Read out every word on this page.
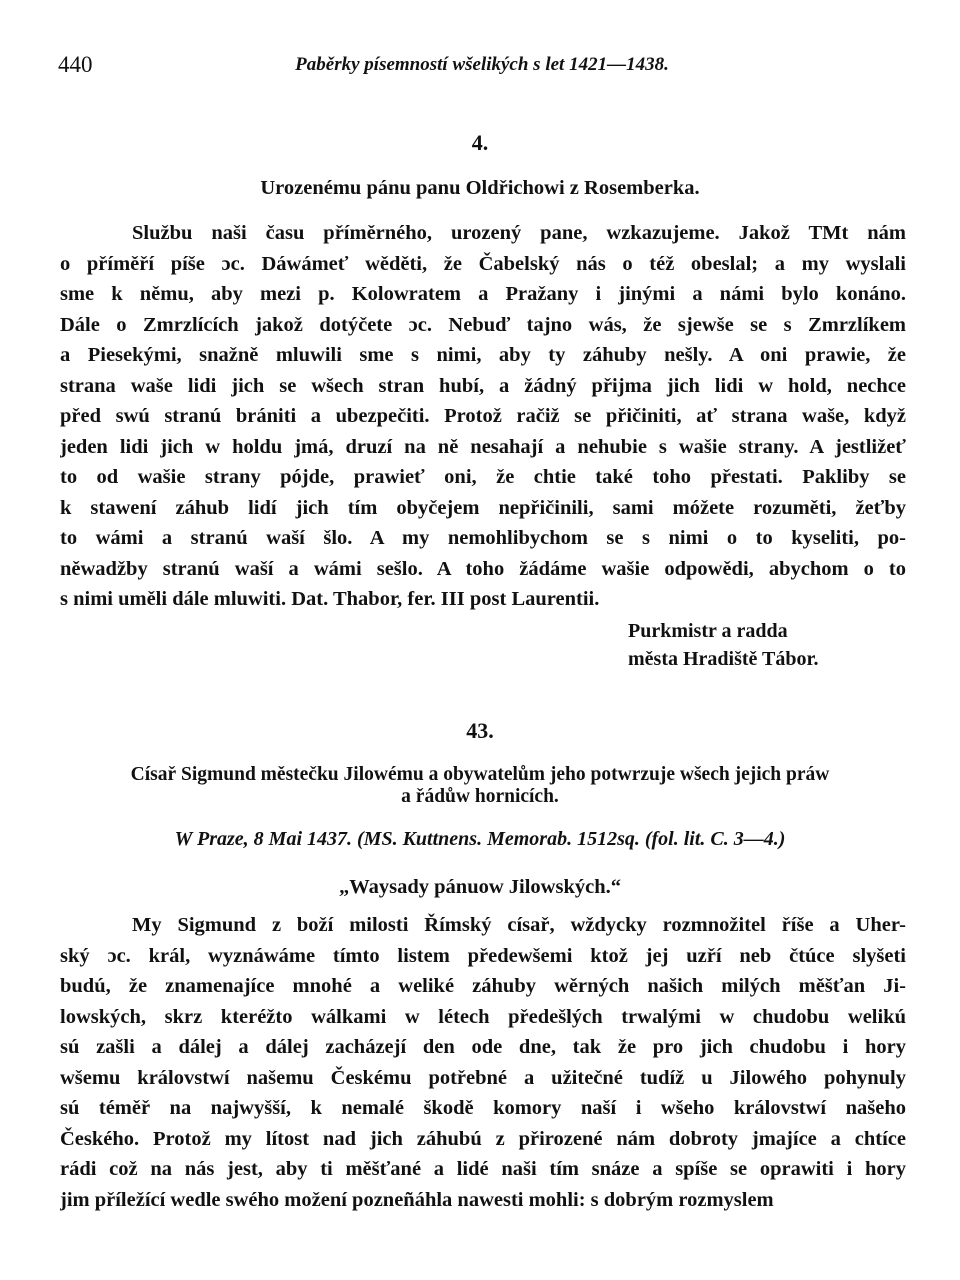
440	Paběrky písemností wšelikých s let 1421—1438.
4.
Urozenému pánu panu Oldřichowi z Rosemberka.
Službu naši času příměrného, urozený pane, wzkazujeme. Jakož TMt nám
o příměří píše ɔc. Dáwámeť wěděti, že Čabelský nás o též obeslal; a my wyslali
sme k němu, aby mezi p. Kolowratem a Pražany i jinými a námi bylo konáno.
Dále o Zmrzlících jakož dotýčete ɔc. Nebuď tajno wás, že sjewše se s Zmrzlíkem
a Piesekými, snažně mluwili sme s nimi, aby ty záhuby nešly. A oni prawie, že
strana waše lidi jich se wšech stran hubí, a žádný přijma jich lidi w hold, nechce
před swú stranú brániti a ubezpečiti. Protož račiž se přičiniti, ať strana waše, když
jeden lidi jich w holdu jmá, druzí na ně nesahají a nehubie s wašie strany. A jestližeť
to od wašie strany pójde, prawieť oni, že chtie také toho přestati. Pakliby se
k stawení záhub lidí jich tím obyčejem nepřičinili, sami móžete rozuměti, žeťby
to wámi a stranú waší šlo. A my nemohlibychom se s nimi o to kyseliti, po-
něwadžby stranú waší a wámi sešlo. A toho žádáme wašie odpowědi, abychom o to
s nimi uměli dále mluwiti. Dat. Thabor, fer. III post Laurentii.
Purkmistr a radda
města Hradiště Tábor.
43.
Císař Sigmund městečku Jilowému a obywatelům jeho potwrzuje wšech jejich práw
a řádůw hornicích.
W Praze, 8 Mai 1437. (MS. Kuttnens. Memorab. 1512sq. (fol. lit. C. 3—4.)
„Waysady pánuow Jilowských.“
My Sigmund z boží milosti Římský císař, wždycky rozmnožitel říše a Uher-
ský ɔc. král, wyznáwáme tímto listem předewšemi ktož jej uzří neb čtúce slyšeti
budú, že znamenajíce mnohé a weliké záhuby wěrných našich milých měšťan Ji-
lowských, skrz kteréžto wálkami w létech předešlých trwalými w chudobu welikú
sú zašli a dálej a dálej zacházejí den ode dne, tak že pro jich chudobu i hory
wšemu královstwí našemu Českému potřebné a užitečné tudíž u Jilowého pohynuly
sú téměř na najwyšší, k nemalé škodě komory naší i wšeho královstwí našeho
Českého. Protož my lítost nad jich záhubú z přirozené nám dobroty jmajíce a chtíce
rádi což na nás jest, aby ti měšťané a lidé naši tím snáze a spíše se oprawiti i hory
jim příležící wedle swého možení pozneñáhla nawesti mohli: s dobrým rozmyslem
